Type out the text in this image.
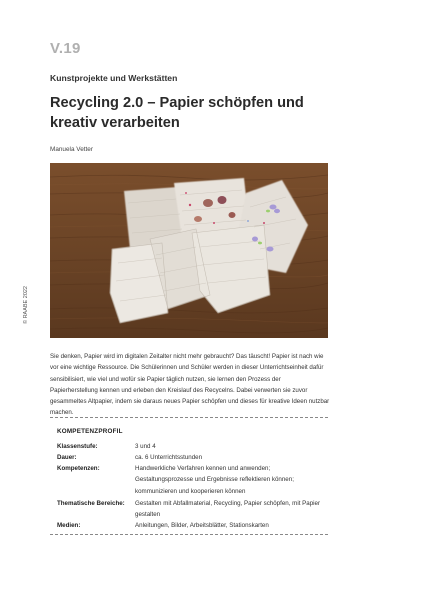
V.19
Kunstprojekte und Werkstätten
Recycling 2.0 – Papier schöpfen und kreativ verarbeiten
Manuela Vetter
© RAABE 2022
Sie denken, Papier wird im digitalen Zeitalter nicht mehr gebraucht? Das täuscht! Papier ist nach wie vor eine wichtige Ressource. Die Schülerinnen und Schüler werden in dieser Unterrichtseinheit dafür sensibilisiert, wie viel und wofür sie Papier täglich nutzen, sie lernen den Prozess der Papierherstellung kennen und erleben den Kreislauf des Recycelns. Dabei verwerten sie zuvor gesammeltes Altpapier, indem sie daraus neues Papier schöpfen und dieses für kreative Ideen nutzbar machen.
KOMPETENZPROFIL
Klassenstufe:	3 und 4
Dauer:	ca. 6 Unterrichtsstunden
Kompetenzen:	Handwerkliche Verfahren kennen und anwenden; Gestaltungsprozesse und Ergebnisse reflektieren können; kommunizieren und kooperieren können
Thematische Bereiche:	Gestalten mit Abfallmaterial, Recycling, Papier schöpfen, mit Papier gestalten
Medien:	Anleitungen, Bilder, Arbeitsblätter, Stationskarten
